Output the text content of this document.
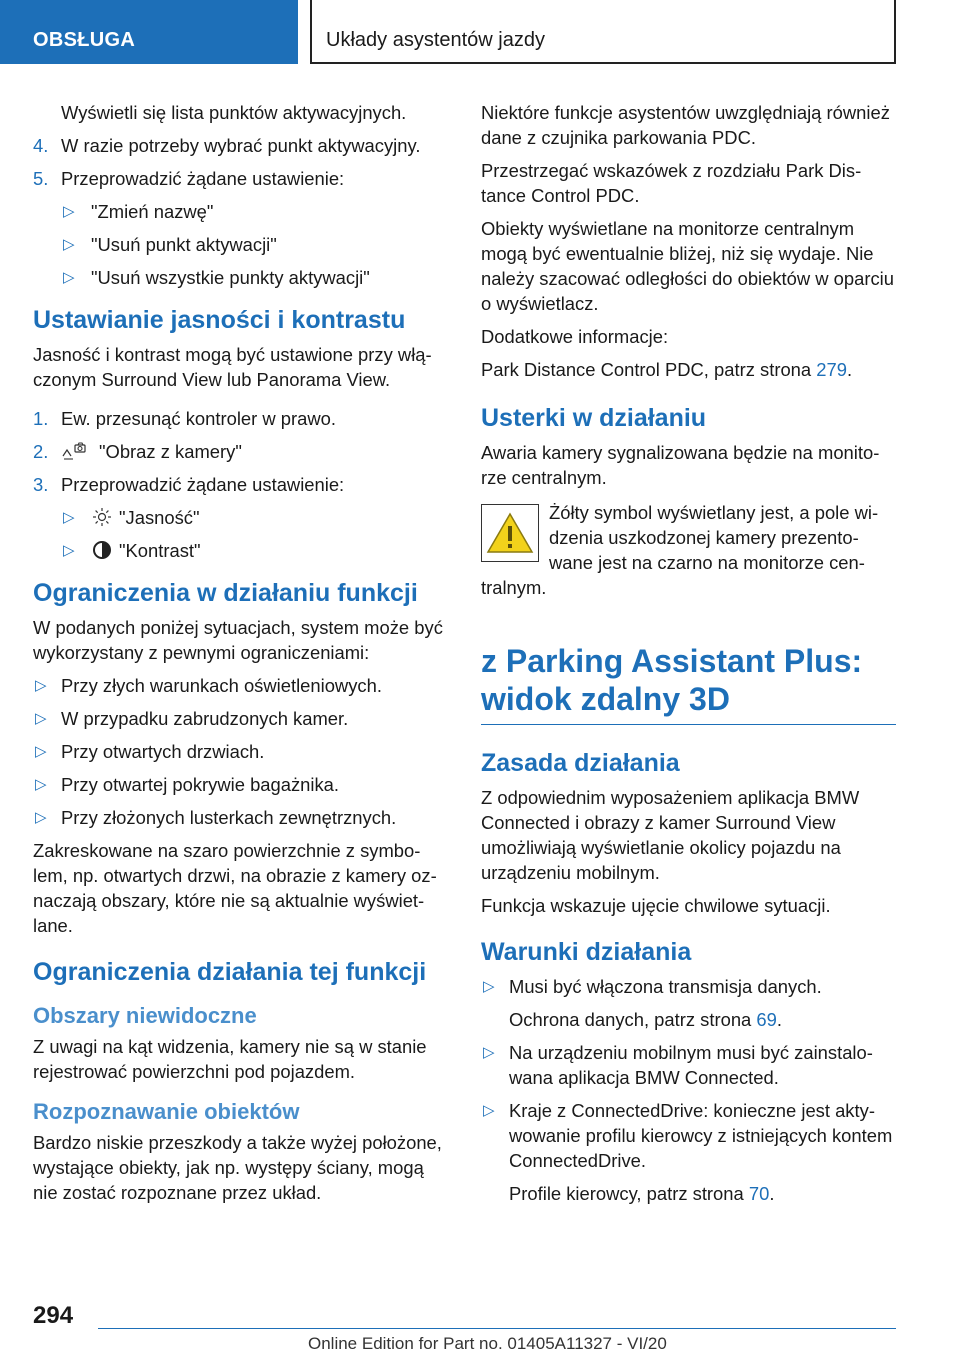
OBSŁUGA	Układy asystentów jazdy

Wyświetli się lista punktów aktywacyjnych.

4. W razie potrzeby wybrać punkt aktywacyjny.
5. Przeprowadzić żądane ustawienie:
▷ "Zmień nazwę"
▷ "Usuń punkt aktywacji"
▷ "Usuń wszystkie punkty aktywacji"
Ustawianie jasności i kontrastu

Jasność i kontrast mogą być ustawione przy włączonym Surround View lub Panorama View.

1. Ew. przesunąć kontroler w prawo.
2.	"Obraz z kamery"
3. Przeprowadzić żądane ustawienie:
▷ "Jasność"
▷ "Kontrast"
Ograniczenia w działaniu funkcji

W podanych poniżej sytuacjach, system może być wykorzystany z pewnymi ograniczeniami:

▷ Przy złych warunkach oświetleniowych.
▷ W przypadku zabrudzonych kamer.
▷ Przy otwartych drzwiach.
▷ Przy otwartej pokrywie bagażnika.
▷ Przy złożonych lusterkach zewnętrznych.

Zakreskowane na szaro powierzchnie z symbolem, np. otwartych drzwi, na obrazie z kamery oznaczają obszary, które nie są aktualnie wyświetlane.

Ograniczenia działania tej funkcji
Obszary niewidoczne

Z uwagi na kąt widzenia, kamery nie są w stanie rejestrować powierzchni pod pojazdem.

Rozpoznawanie obiektów

Bardzo niskie przeszkody a także wyżej położone, wystające obiekty, jak np. występy ściany, mogą nie zostać rozpoznane przez układ.

Niektóre funkcje asystentów uwzględniają również dane z czujnika parkowania PDC.

Przestrzegać wskazówek z rozdziału Park Distance Control PDC.

Obiekty wyświetlane na monitorze centralnym mogą być ewentualnie bliżej, niż się wydaje. Nie należy szacować odległości do obiektów w oparciu o wyświetlacz.

Dodatkowe informacje:

Park Distance Control PDC, patrz strona 279.

Usterki w działaniu

Awaria kamery sygnalizowana będzie na monitorze centralnym.

Żółty symbol wyświetlany jest, a pole widzenia uszkodzonej kamery prezentowane jest na czarno na monitorze centralnym.

z Parking Assistant Plus: widok zdalny 3D
Zasada działania

Z odpowiednim wyposażeniem aplikacja BMW Connected i obrazy z kamer Surround View umożliwiają wyświetlanie okolicy pojazdu na urządzeniu mobilnym.

Funkcja wskazuje ujęcie chwilowe sytuacji.

Warunki działania
▷ Musi być włączona transmisja danych.

Ochrona danych, patrz strona 69.

▷ Na urządzeniu mobilnym musi być zainstalowana aplikacja BMW Connected.
▷ Kraje z ConnectedDrive: konieczne jest aktywowanie profilu kierowcy z istniejących kontem ConnectedDrive.

Profile kierowcy, patrz strona 70.

294
Online Edition for Part no. 01405A11327 - VI/20
